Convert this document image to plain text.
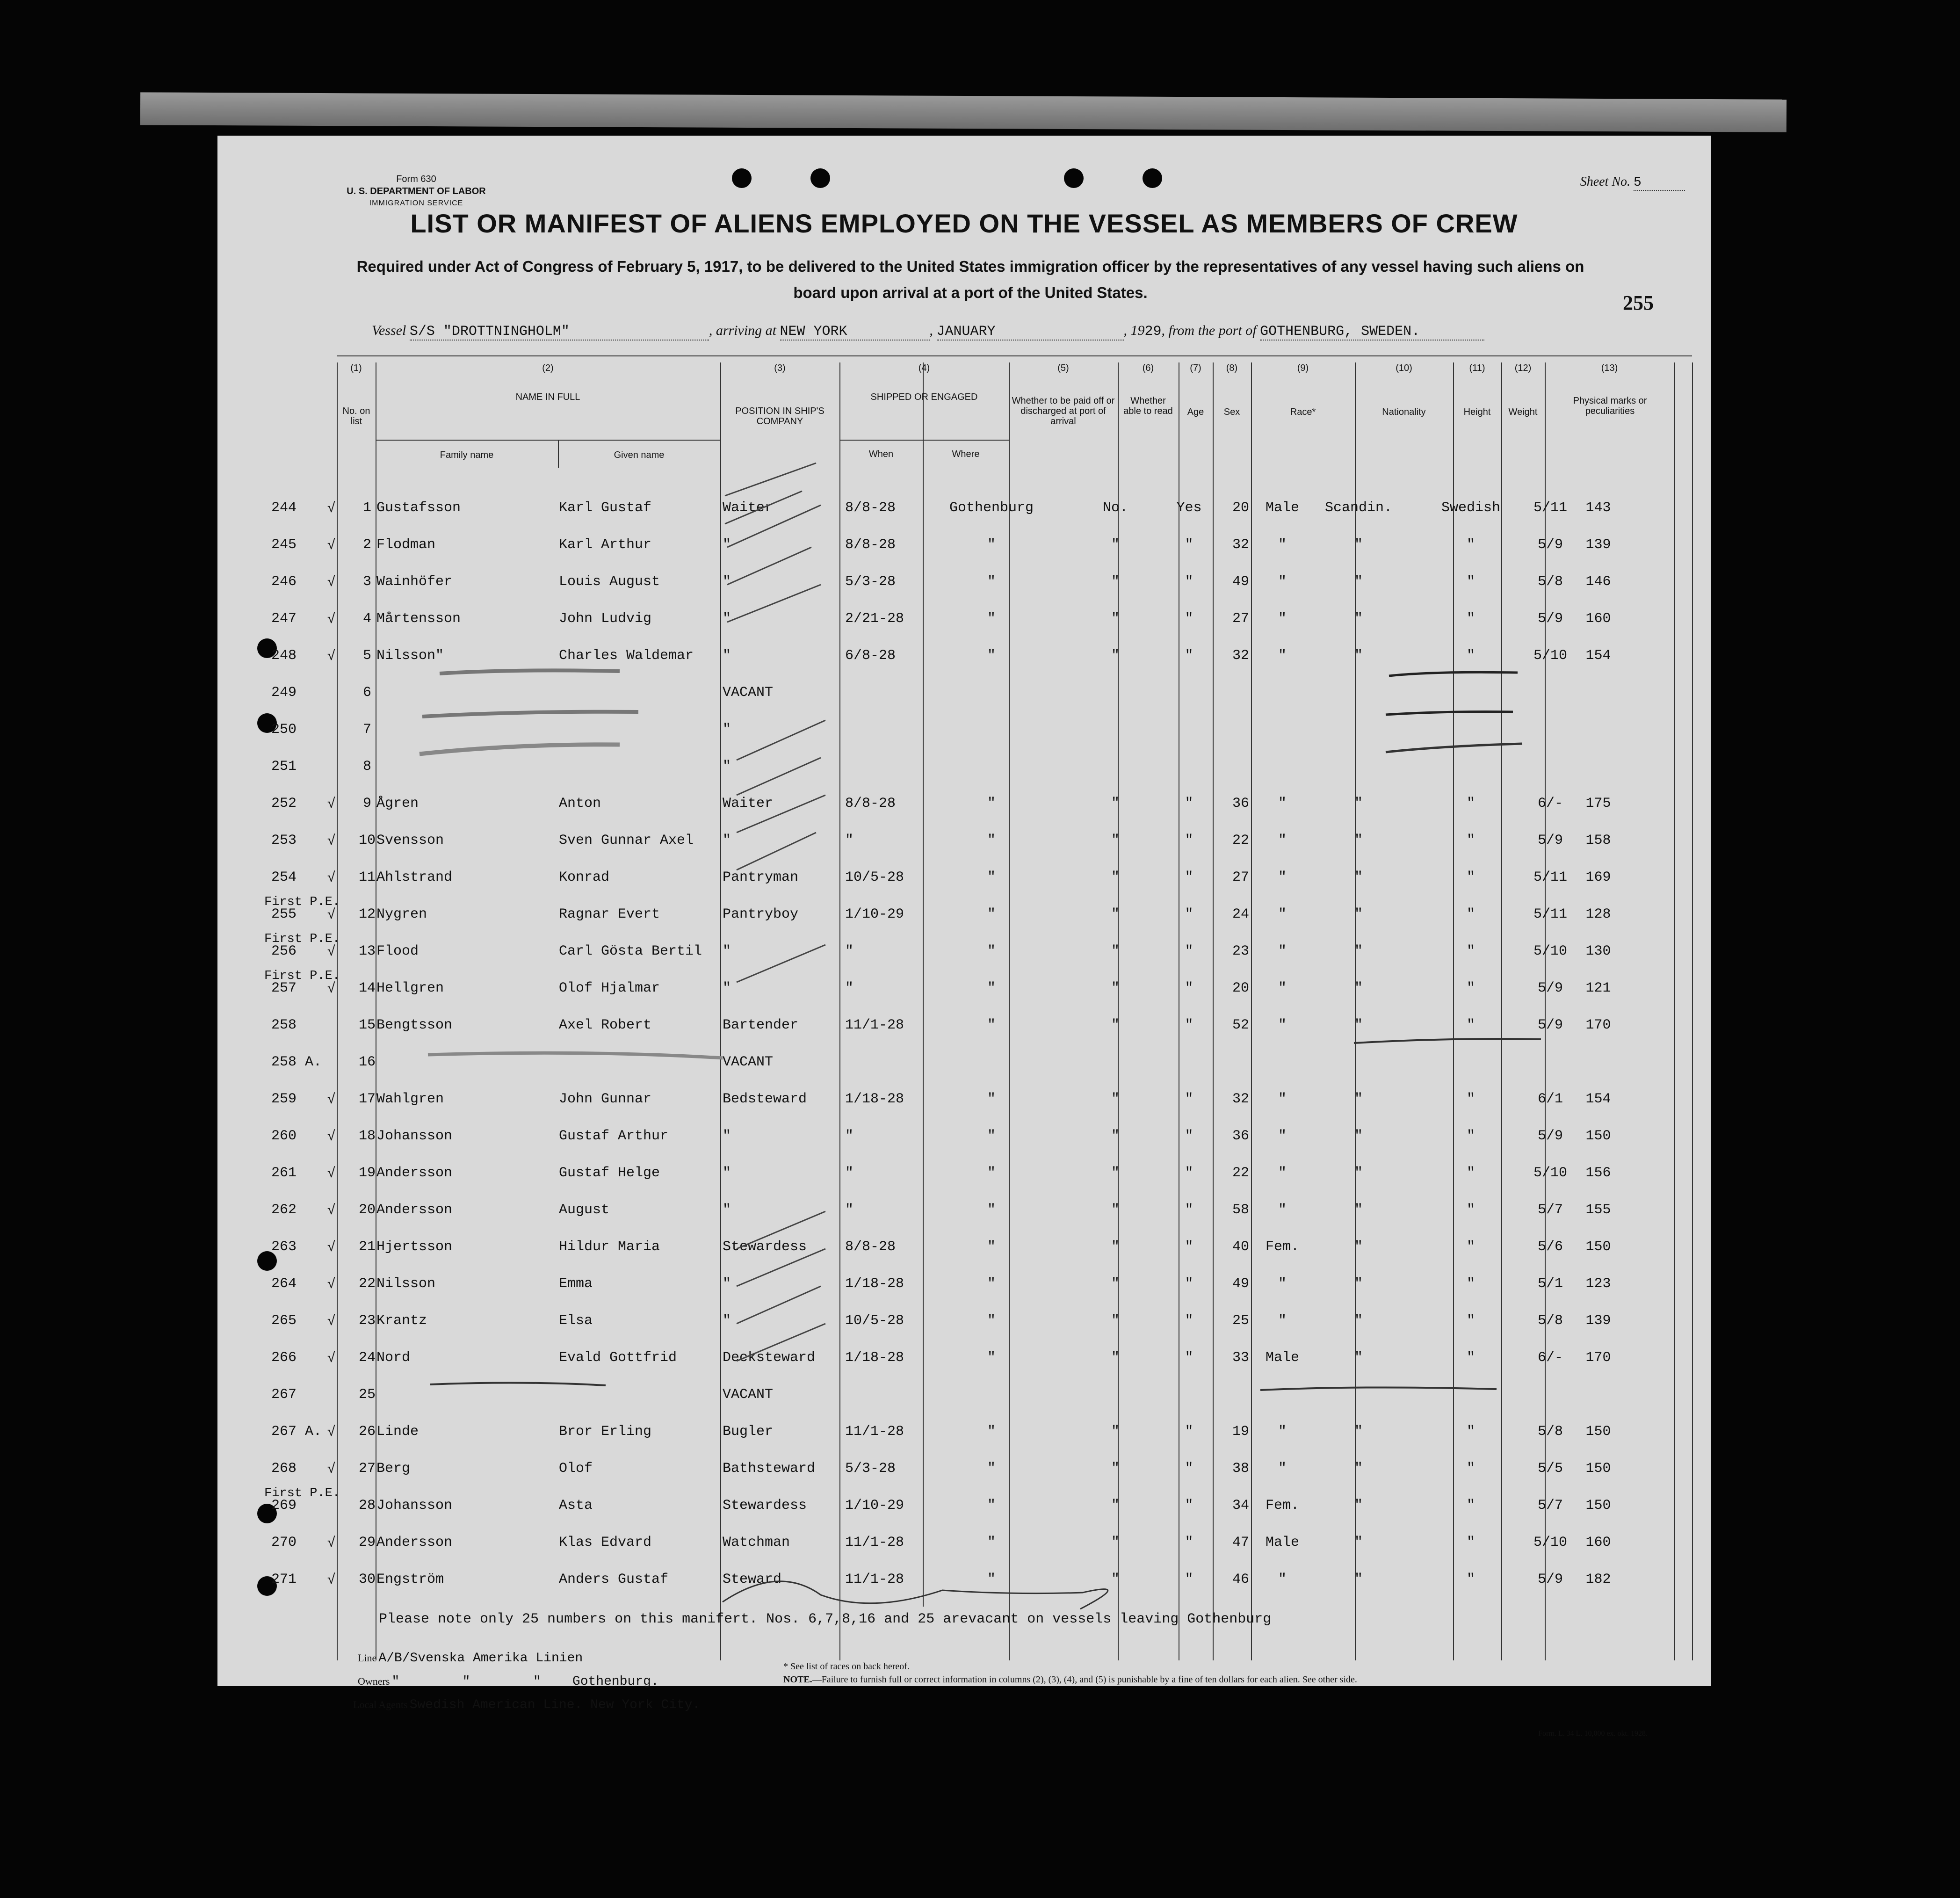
Form 630
U. S. DEPARTMENT OF LABOR
IMMIGRATION SERVICE
Sheet No. 5
LIST OR MANIFEST OF ALIENS EMPLOYED ON THE VESSEL AS MEMBERS OF CREW
Required under Act of Congress of February 5, 1917, to be delivered to the United States immigration officer by the representatives of any vessel having such aliens on board upon arrival at a port of the United States.	255
Vessel S/S "DROTTNINGHOLM"	, arriving at NEW YORK	, JANUARY	, 1929, from the port of GOTHENBURG, SWEDEN.
(1)	(2)	(3)	(4)	(5)	(6)	(7)	(8)	(9)	(10)	(11)	(12)	(13)
No. on list
NAME IN FULL
Family name	Given name
POSITION IN SHIP'S COMPANY
SHIPPED OR ENGAGED
When	Where
Whether to be paid off or discharged at port of arrival
Whether able to read	Age	Sex	Race*	Nationality	Height	Weight
Physical marks or peculiarities
244 √	1 Gustafsson	Karl Gustaf	Waiter	8/8-28	Gothenburg	No.	Yes	20	Male	Scandin.	Swedish	5/11	143
245 √	2 Flodman	Karl Arthur	"	8/8-28	"	"	"	32	"	"	"	5/9	139
246 √	3 Wainhöfer	Louis August	"	5/3-28	"	"	"	49	"	"	"	5/8	146
247 √	4 Mårtensson	John Ludvig	"	2/21-28	"	"	"	27	"	"	"	5/9	160
248 √	5 Nilsson"	Charles Waldemar "	6/8-28	"	"	"	32	"	"	"	5/10	154
249	6	VACANT
250	7	"
251	8	"
252 √	9 Ågren	Anton	Waiter	8/8-28	"	"	"	36	"	"	"	6/-	175
253 √	10 Svensson	Sven Gunnar Axel "	"	"	"	"	22	"	"	"	5/9	158
254 √	11 Ahlstrand	Konrad	Pantryman	10/5-28	"	"	"	27	"	"	"	5/11	169
First P.E.
255 √	12 Nygren	Ragnar Evert	Pantryboy	1/10-29	"	"	"	24	"	"	"	5/11	128
First P.E.
256 √	13 Flood	Carl Gösta Bertil "	"	"	"	"	23	"	"	"	5/10	130
First P.E.
257 √	14 Hellgren	Olof Hjalmar	"	"	"	"	"	20	"	"	"	5/9	121
258	15 Bengtsson	Axel Robert	Bartender	11/1-28	"	"	"	52	"	"	"	5/9	170
258 A.	16	VACANT
259 √	17 Wahlgren	John Gunnar	Bedsteward	1/18-28	"	"	"	32	"	"	"	6/1	154
260 √	18 Johansson	Gustaf Arthur	"	"	"	"	"	36	"	"	"	5/9	150
261 √	19 Andersson	Gustaf Helge	"	"	"	"	"	22	"	"	"	5/10	156
262 √	20 Andersson	August	"	"	"	"	"	58	"	"	"	5/7	155
263 √	21 Hjertsson	Hildur Maria	Stewardess	8/8-28	"	"	"	40	Fem.	"	"	5/6	150
264 √	22 Nilsson	Emma	"	1/18-28	"	"	"	49	"	"	"	5/1	123
265 √	23 Krantz	Elsa	"	10/5-28	"	"	"	25	"	"	"	5/8	139
266 √	24 Nord	Evald Gottfrid	Decksteward 1/18-28	"	"	"	33	Male	"	"	6/-	170
267	25	VACANT
267 A. √	26 Linde	Bror Erling	Bugler	11/1-28	"	"	"	19	"	"	"	5/8	150
268 √	27 Berg	Olof	Bathsteward 5/3-28	"	"	"	38	"	"	"	5/5	150
First P.E.
269	28 Johansson	Asta	Stewardess	1/10-29	"	"	"	34	Fem.	"	"	5/7	150
270 √	29 Andersson	Klas Edvard	Watchman	11/1-28	"	"	"	47	Male	"	"	5/10	160
271 √	30 Engström	Anders Gustaf	Steward	11/1-28	"	"	"	46	"	"	"	5/9	182
Please note only 25 numbers on this manifert. Nos. 6,7,8,16 and 25 arevacant on vessels leaving Gothenburg
Line A/B/Svenska Amerika Linien
Owners "        "        "    Gothenburg.
Local Agents Swedish American Line. New York City.
* See list of races on back hereof.
NOTE.—Failure to furnish full or correct information in columns (2), (3), (4), and (5) is punishable by a fine of ten dollars for each alien. See other side.
Form. L. 34 L. 10,000 ex. okt. 1928.
